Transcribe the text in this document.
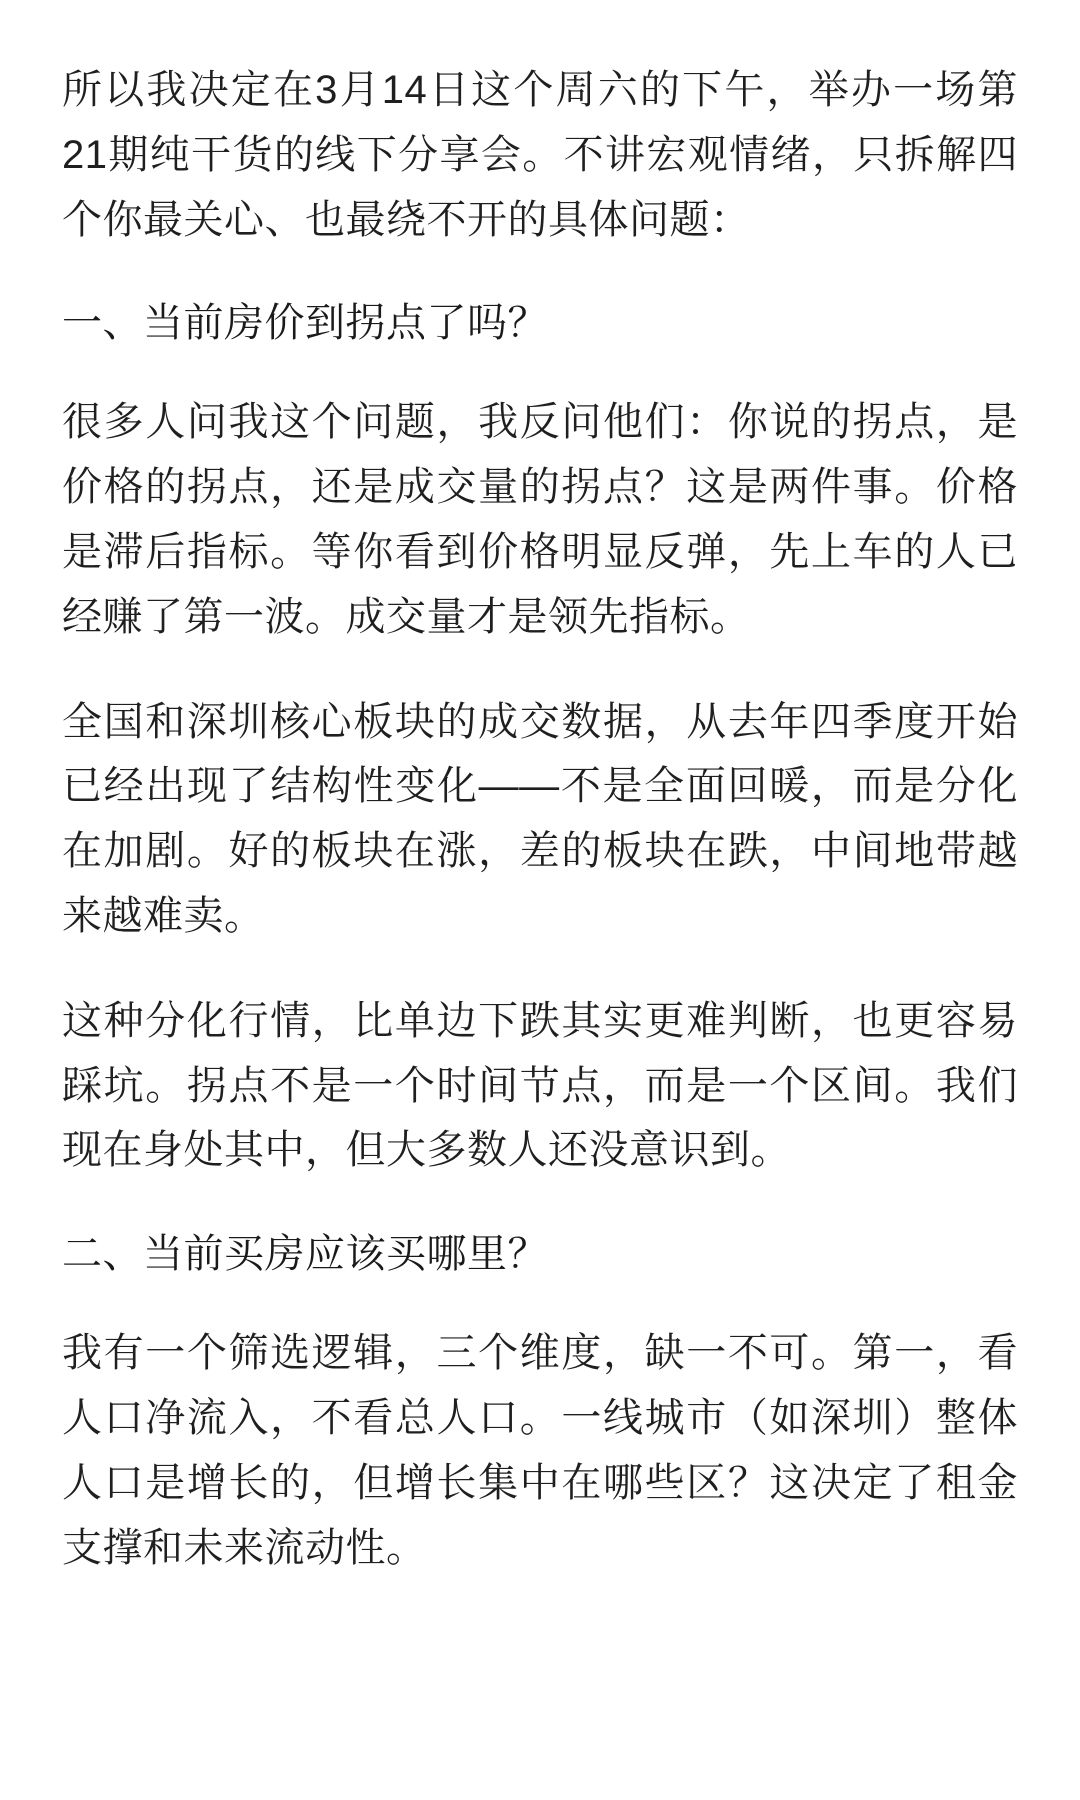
所以我决定在3月14日这个周六的下午，举办一场第21期纯干货的线下分享会。不讲宏观情绪，只拆解四个你最关心、也最绕不开的具体问题：

一、当前房价到拐点了吗？

很多人问我这个问题，我反问他们：你说的拐点，是价格的拐点，还是成交量的拐点？这是两件事。价格是滞后指标。等你看到价格明显反弹，先上车的人已经赚了第一波。成交量才是领先指标。

全国和深圳核心板块的成交数据，从去年四季度开始已经出现了结构性变化——不是全面回暖，而是分化在加剧。好的板块在涨，差的板块在跌，中间地带越来越难卖。

这种分化行情，比单边下跌其实更难判断，也更容易踩坑。拐点不是一个时间节点，而是一个区间。我们现在身处其中，但大多数人还没意识到。

二、当前买房应该买哪里？

我有一个筛选逻辑，三个维度，缺一不可。第一，看人口净流入，不看总人口。一线城市（如深圳）整体人口是增长的，但增长集中在哪些区？这决定了租金支撑和未来流动性。
